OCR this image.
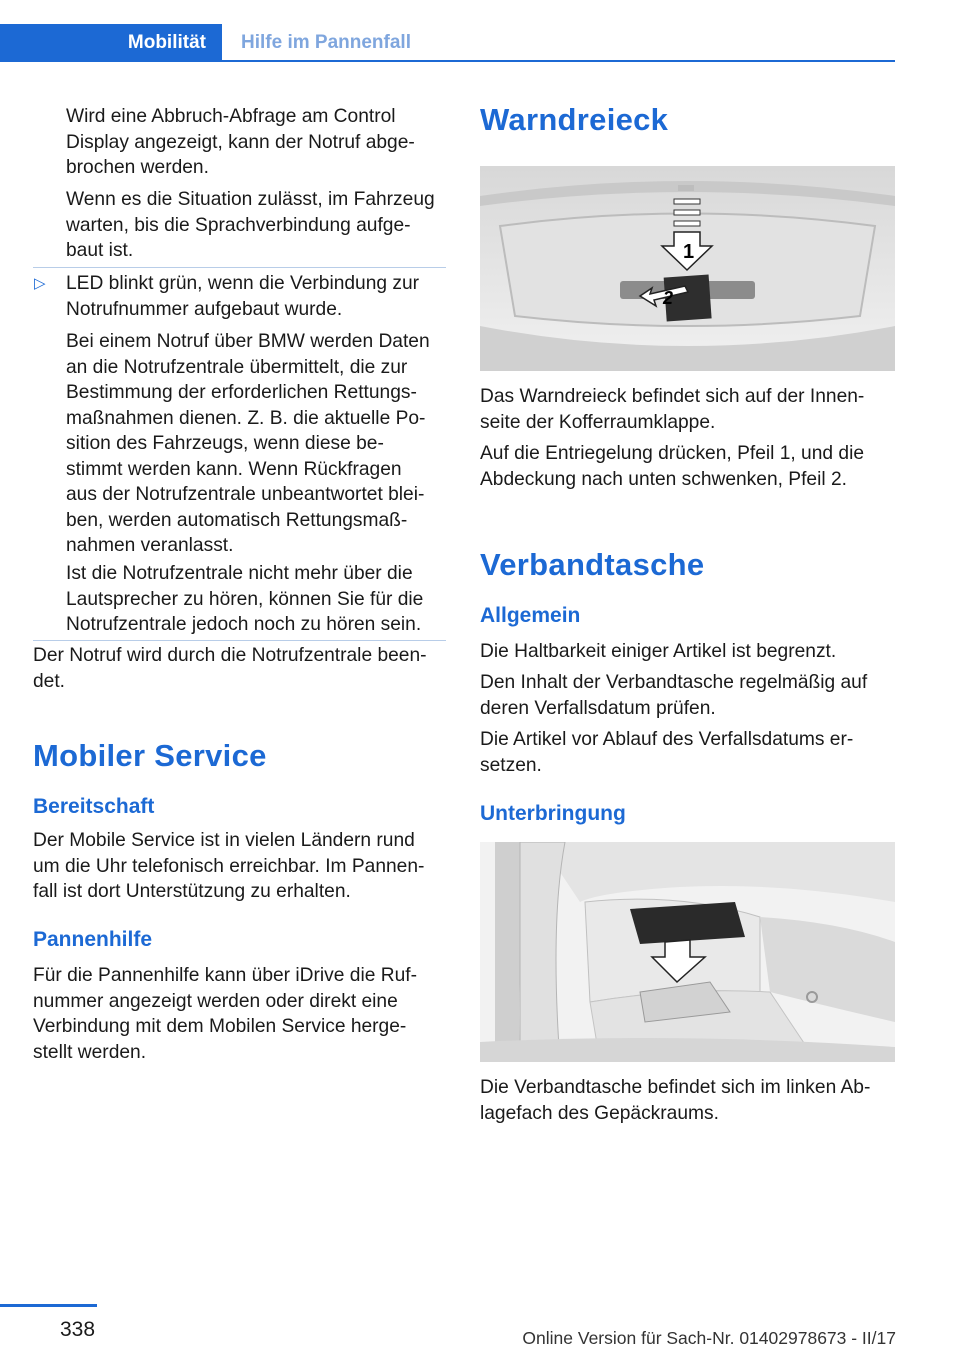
Mobilität Hilfe im Pannenfall
Wird eine Abbruch-Abfrage am Control
Display angezeigt, kann der Notruf abge-
brochen werden.
Wenn es die Situation zulässt, im Fahrzeug
warten, bis die Sprachverbindung aufge-
baut ist.
▷ LED blinkt grün, wenn die Verbindung zur
Notrufnummer aufgebaut wurde.
Bei einem Notruf über BMW werden Daten
an die Notrufzentrale übermittelt, die zur
Bestimmung der erforderlichen Rettungs-
maßnahmen dienen. Z. B. die aktuelle Po-
sition des Fahrzeugs, wenn diese be-
stimmt werden kann. Wenn Rückfragen
aus der Notrufzentrale unbeantwortet blei-
ben, werden automatisch Rettungsmaß-
nahmen veranlasst.
Ist die Notrufzentrale nicht mehr über die
Lautsprecher zu hören, können Sie für die
Notrufzentrale jedoch noch zu hören sein.
Der Notruf wird durch die Notrufzentrale been-
det.
Mobiler Service
Bereitschaft
Der Mobile Service ist in vielen Ländern rund
um die Uhr telefonisch erreichbar. Im Pannen-
fall ist dort Unterstützung zu erhalten.
Pannenhilfe
Für die Pannenhilfe kann über iDrive die Ruf-
nummer angezeigt werden oder direkt eine
Verbindung mit dem Mobilen Service herge-
stellt werden.
Warndreieck
1
2
Das Warndreieck befindet sich auf der Innen-
seite der Kofferraumklappe.
Auf die Entriegelung drücken, Pfeil 1, und die
Abdeckung nach unten schwenken, Pfeil 2.
Verbandtasche
Allgemein
Die Haltbarkeit einiger Artikel ist begrenzt.
Den Inhalt der Verbandtasche regelmäßig auf
deren Verfallsdatum prüfen.
Die Artikel vor Ablauf des Verfallsdatums er-
setzen.
Unterbringung
Die Verbandtasche befindet sich im linken Ab-
lagefach des Gepäckraums.
338	Online Version für Sach-Nr. 01402978673 - II/17
